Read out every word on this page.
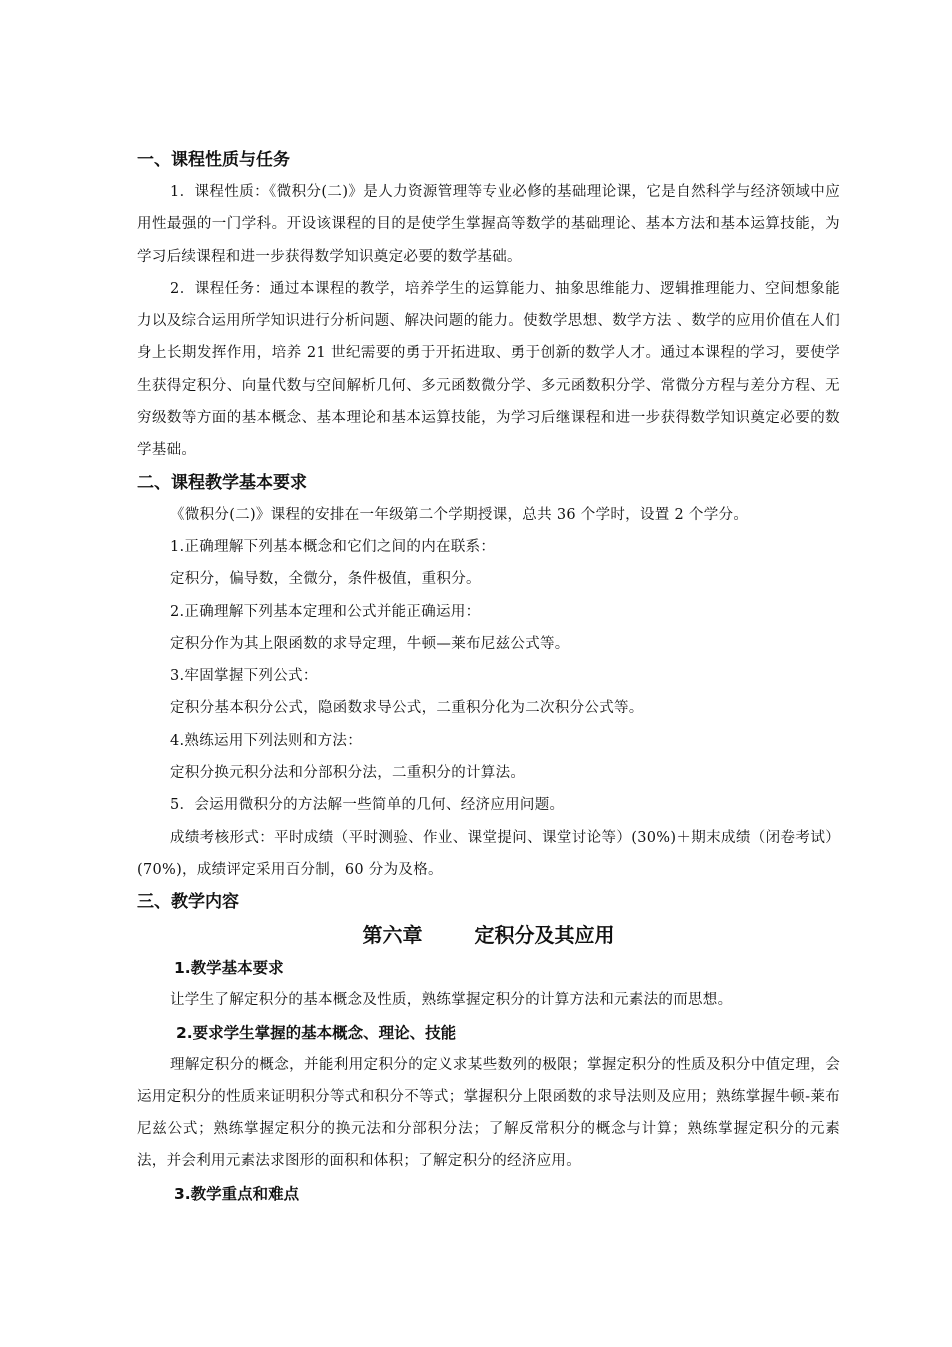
一、课程性质与任务

1．课程性质：《微积分(二)》是人力资源管理等专业必修的基础理论课，它是自然科学与经济领域中应用性最强的一门学科。开设该课程的目的是使学生掌握高等数学的基础理论、基本方法和基本运算技能，为学习后续课程和进一步获得数学知识奠定必要的数学基础。

2．课程任务：通过本课程的教学，培养学生的运算能力、抽象思维能力、逻辑推理能力、空间想象能力以及综合运用所学知识进行分析问题、解决问题的能力。使数学思想、数学方法 、数学的应用价值在人们身上长期发挥作用，培养 21 世纪需要的勇于开拓进取、勇于创新的数学人才。通过本课程的学习，要使学生获得定积分、向量代数与空间解析几何、多元函数微分学、多元函数积分学、常微分方程与差分方程、无穷级数等方面的基本概念、基本理论和基本运算技能，为学习后继课程和进一步获得数学知识奠定必要的数学基础。

二、课程教学基本要求

《微积分(二)》课程的安排在一年级第二个学期授课，总共 36 个学时，设置 2 个学分。

1.正确理解下列基本概念和它们之间的内在联系：

定积分，偏导数，全微分，条件极值，重积分。

2.正确理解下列基本定理和公式并能正确运用：

定积分作为其上限函数的求导定理，牛顿—莱布尼兹公式等。

3.牢固掌握下列公式：

定积分基本积分公式，隐函数求导公式，二重积分化为二次积分公式等。

4.熟练运用下列法则和方法：

定积分换元积分法和分部积分法，二重积分的计算法。

5．会运用微积分的方法解一些简单的几何、经济应用问题。

成绩考核形式：平时成绩（平时测验、作业、课堂提问、课堂讨论等）(30%)＋期末成绩（闭卷考试）(70%)，成绩评定采用百分制，60 分为及格。

三、教学内容
第六章	定积分及其应用
1.教学基本要求

让学生了解定积分的基本概念及性质，熟练掌握定积分的计算方法和元素法的而思想。

2.要求学生掌握的基本概念、理论、技能

理解定积分的概念，并能利用定积分的定义求某些数列的极限；掌握定积分的性质及积分中值定理，会运用定积分的性质来证明积分等式和积分不等式；掌握积分上限函数的求导法则及应用；熟练掌握牛顿-莱布尼兹公式；熟练掌握定积分的换元法和分部积分法；了解反常积分的概念与计算；熟练掌握定积分的元素法，并会利用元素法求图形的面积和体积；了解定积分的经济应用。

3.教学重点和难点
